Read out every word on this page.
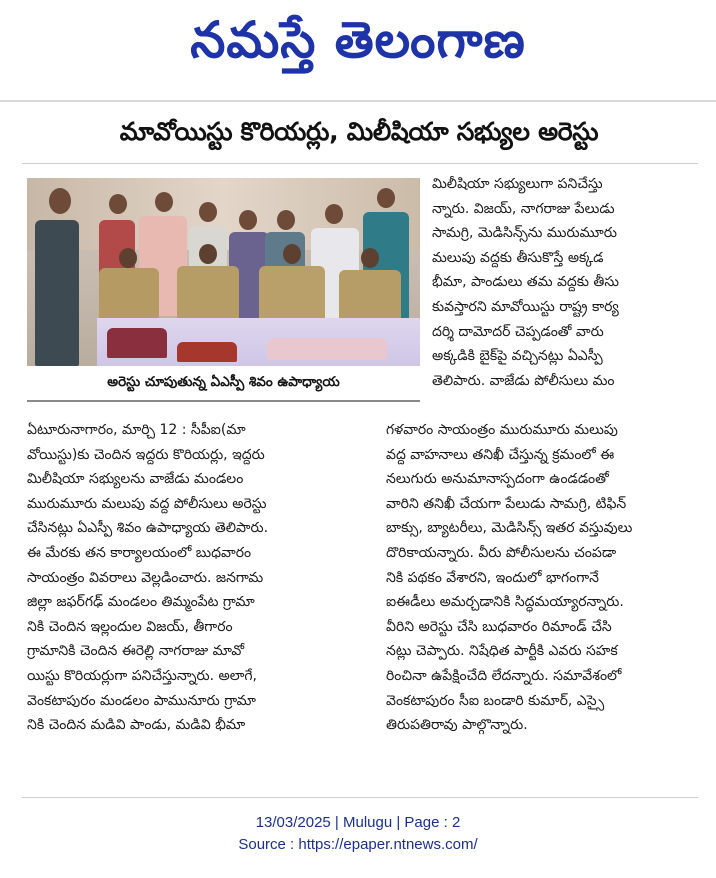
నమస్తే తెలంగాణ
మావోయిస్టు కొరియర్లు, మిలీషియా సభ్యుల అరెస్టు
అరెస్టు చూపుతున్న ఏఎస్పీ శివం ఉపాధ్యాయ

మిలీషియా సభ్యులుగా పనిచేస్తు

న్నారు. విజయ్, నాగరాజు పేలుడు

సామగ్రి, మెడిసిన్స్‌ను మురుమూరు

మలుపు వద్దకు తీసుకొస్తే అక్కడ

భీమా, పాండులు తమ వద్దకు తీసు

కువస్తారని మావోయిస్టు రాష్ట్ర కార్య

దర్శి దామోదర్ చెప్పడంతో వారు

అక్కడికి బైక్‌పై వచ్చినట్లు ఏఎస్పీ

తెలిపారు. వాజేడు పోలీసులు మం

ఏటూరునాగారం, మార్చి 12 : సీపీఐ(మా

వోయిస్టు)కు చెందిన ఇద్దరు కొరియర్లు, ఇద్దరు

మిలీషియా సభ్యులను వాజేడు మండలం

మురుమూరు మలుపు వద్ద పోలీసులు అరెస్టు

చేసినట్లు ఏఎస్పీ శివం ఉపాధ్యాయ తెలిపారు.

ఈ మేరకు తన కార్యాలయంలో బుధవారం

సాయంత్రం వివరాలు వెల్లడించారు. జనగామ

జిల్లా జఫర్‌గఢ్ మండలం తిమ్మంపేట గ్రామా

నికి చెందిన ఇల్లందుల విజయ్, తీగారం

గ్రామానికి చెందిన ఈరెల్లి నాగరాజు మావో

యిస్టు కొరియర్లుగా పనిచేస్తున్నారు. అలాగే,

వెంకటాపురం మండలం పామునూరు గ్రామా

నికి చెందిన మడివి పాండు, మడివి భీమా

గళవారం సాయంత్రం మురుమూరు మలుపు

వద్ద వాహనాలు తనిఖీ చేస్తున్న క్రమంలో ఈ

నలుగురు అనుమానాస్పదంగా ఉండడంతో

వారిని తనిఖీ చేయగా పేలుడు సామగ్రి, టిఫిన్

బాక్సు, బ్యాటరీలు, మెడిసిన్స్ ఇతర వస్తువులు

దొరికాయన్నారు. వీరు పోలీసులను చంపడా

నికి పథకం వేశారని, ఇందులో భాగంగానే

ఐఈడీలు అమర్చడానికి సిద్ధమయ్యారన్నారు.

వీరిని అరెస్టు చేసి బుధవారం రిమాండ్ చేసి

నట్లు చెప్పారు. నిషేధిత పార్టీకి ఎవరు సహక

రించినా ఉపేక్షించేది లేదన్నారు. సమావేశంలో

వెంకటాపురం సీఐ బండారి కుమార్, ఎస్సై

తిరుపతిరావు పాల్గొన్నారు.

13/03/2025 | Mulugu | Page : 2
Source : https://epaper.ntnews.com/
